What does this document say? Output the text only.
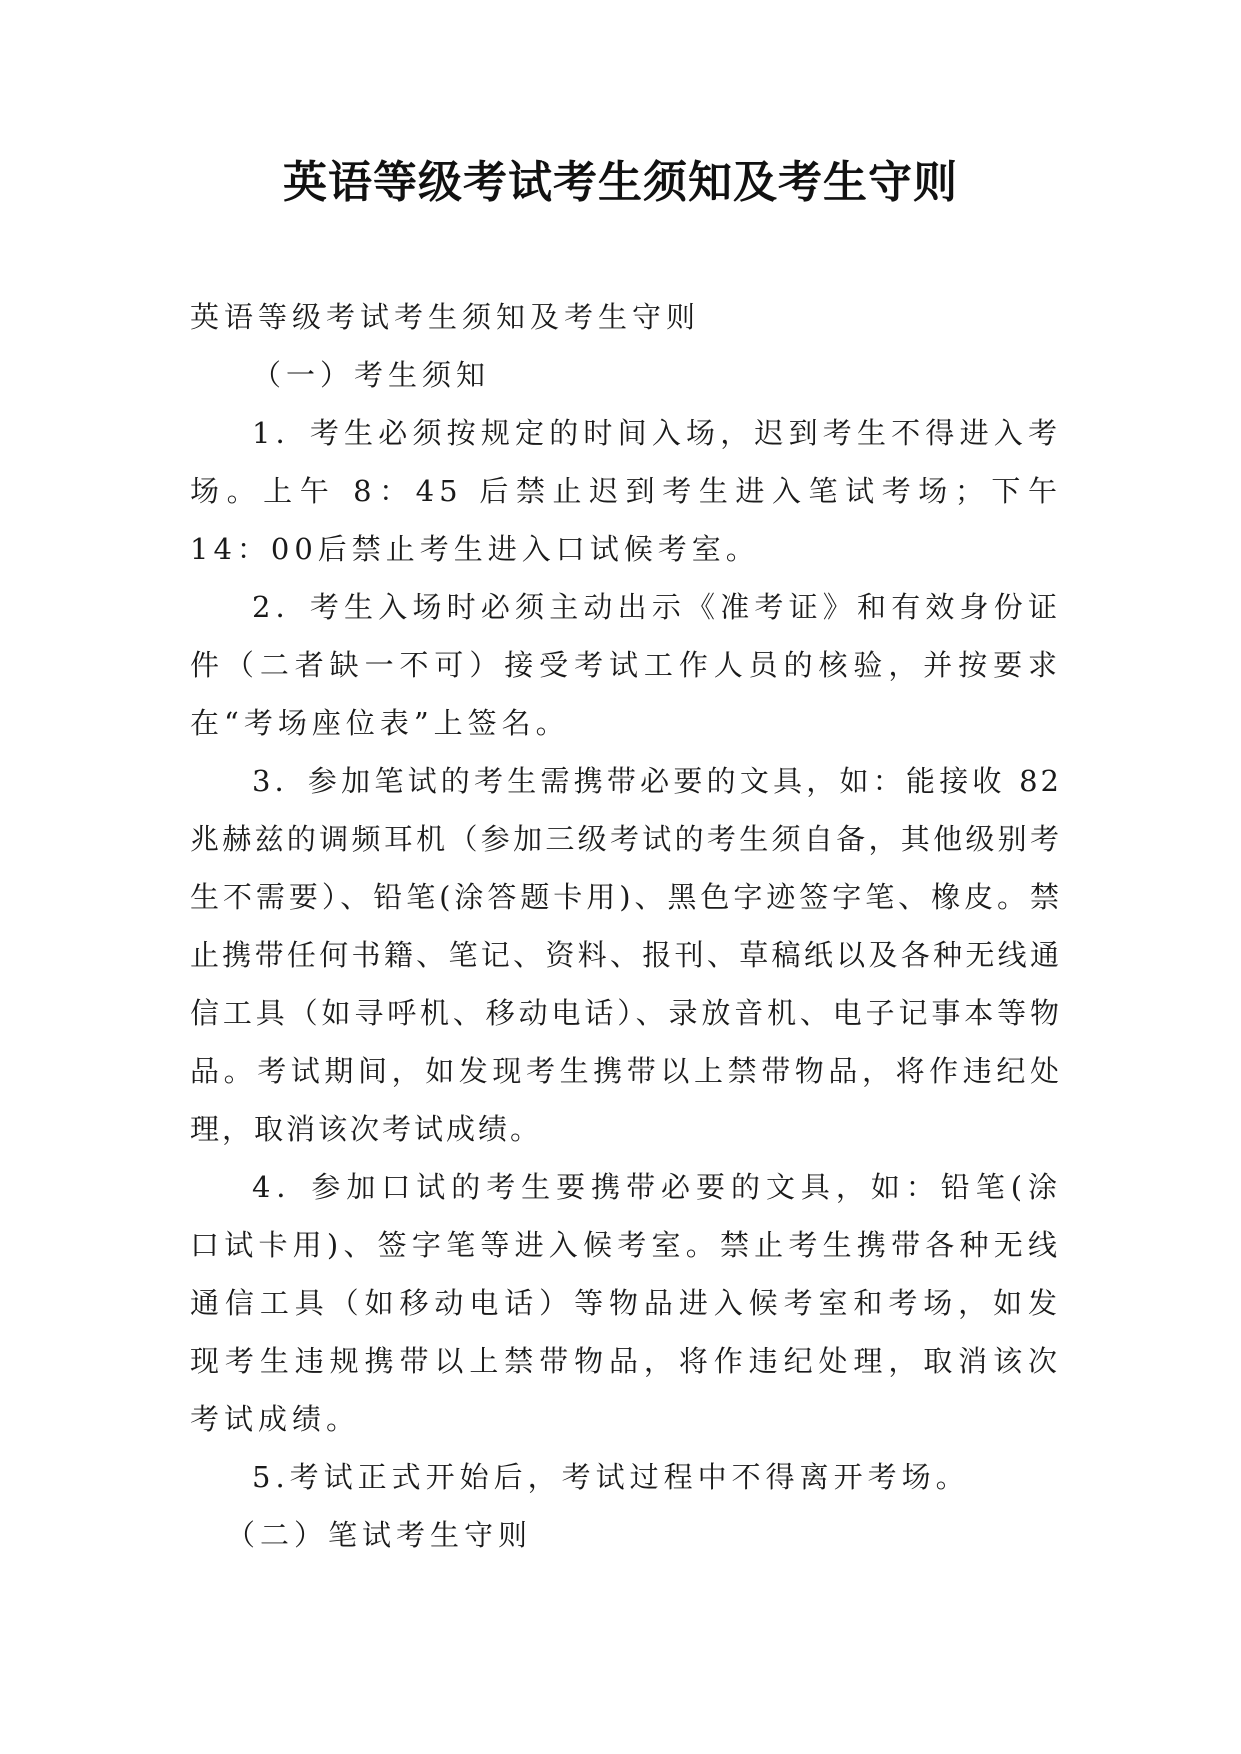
英语等级考试考生须知及考生守则

英语等级考试考生须知及考生守则

（一）考生须知

1．考生必须按规定的时间入场，迟到考生不得进入考场。上午 8：45 后禁止迟到考生进入笔试考场；下午 14：00后禁止考生进入口试候考室。

2．考生入场时必须主动出示《准考证》和有效身份证件（二者缺一不可）接受考试工作人员的核验，并按要求在“考场座位表”上签名。

3．参加笔试的考生需携带必要的文具，如：能接收 82兆赫兹的调频耳机（参加三级考试的考生须自备，其他级别考生不需要）、铅笔(涂答题卡用)、黑色字迹签字笔、橡皮。禁止携带任何书籍、笔记、资料、报刊、草稿纸以及各种无线通信工具（如寻呼机、移动电话）、录放音机、电子记事本等物品。考试期间，如发现考生携带以上禁带物品，将作违纪处理，取消该次考试成绩。

4．参加口试的考生要携带必要的文具，如：铅笔(涂口试卡用)、签字笔等进入候考室。禁止考生携带各种无线通信工具（如移动电话）等物品进入候考室和考场，如发现考生违规携带以上禁带物品，将作违纪处理，取消该次考试成绩。

5.考试正式开始后，考试过程中不得离开考场。

（二）笔试考生守则
